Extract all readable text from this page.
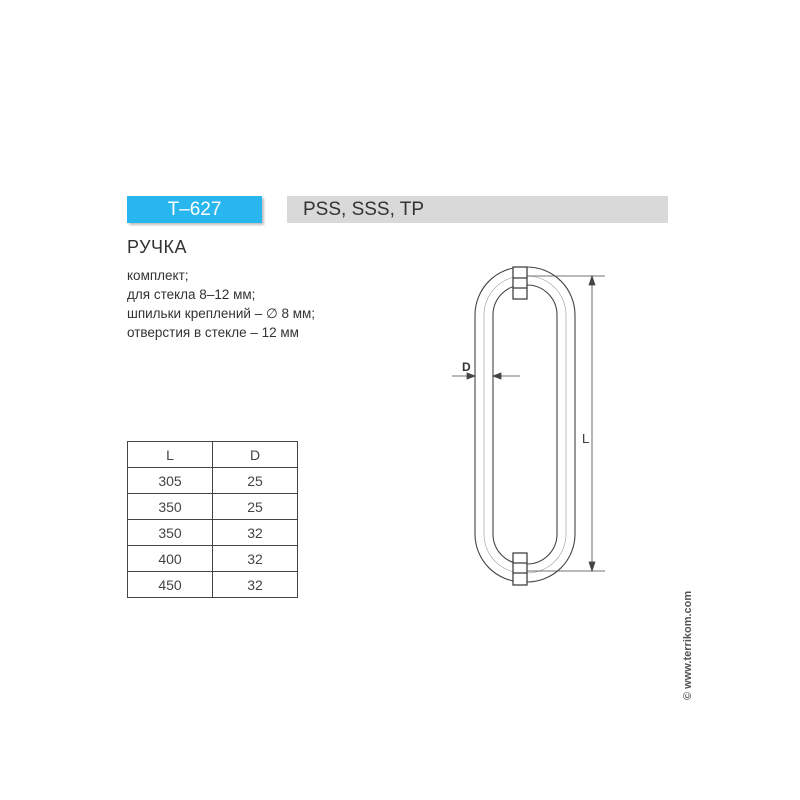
T–627	PSS, SSS, TP
РУЧКА
комплект;
для стекла 8–12 мм;
шпильки креплений – ∅ 8 мм;
отверстия в стекле – 12 мм
L	D
305	25
350	25
350	32
400	32
450	32
L
D
© www.terrikom.com
